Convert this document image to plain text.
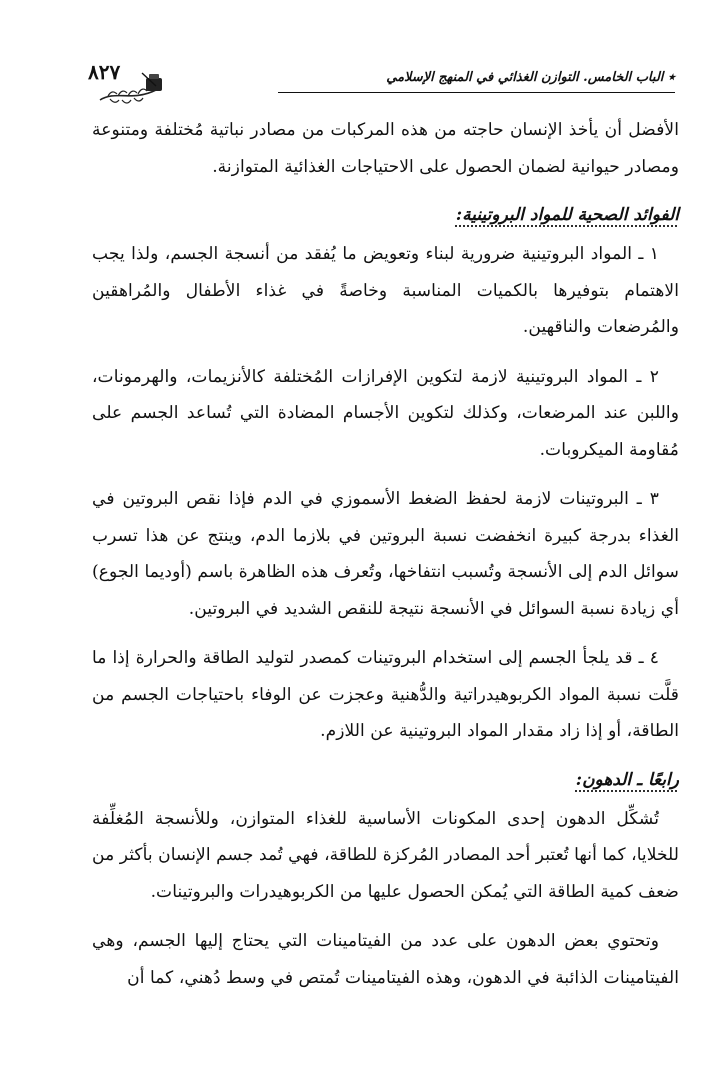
٭ الباب الخامس. التوازن الغذائي في المنهج الإسلامي
٨٢٧

الأفضل أن يأخذ الإنسان حاجته من هذه المركبات من مصادر نباتية مُختلفة ومتنوعة ومصادر حيوانية لضمان الحصول على الاحتياجات الغذائية المتوازنة.

الفوائد الصحية للمواد البروتينية:

١ ـ المواد البروتينية ضرورية لبناء وتعويض ما يُفقد من أنسجة الجسم، ولذا يجب الاهتمام بتوفيرها بالكميات المناسبة وخاصةً في غذاء الأطفال والمُراهقين والمُرضعات والناقهين.

٢ ـ المواد البروتينية لازمة لتكوين الإفرازات المُختلفة كالأنزيمات، والهرمونات، واللبن عند المرضعات، وكذلك لتكوين الأجسام المضادة التي تُساعد الجسم على مُقاومة الميكروبات.

٣ ـ البروتينات لازمة لحفظ الضغط الأسموزي في الدم فإذا نقص البروتين في الغذاء بدرجة كبيرة انخفضت نسبة البروتين في بلازما الدم، وينتج عن هذا تسرب سوائل الدم إلى الأنسجة وتُسبب انتفاخها، وتُعرف هذه الظاهرة باسم (أوديما الجوع) أي زيادة نسبة السوائل في الأنسجة نتيجة للنقص الشديد في البروتين.

٤ ـ قد يلجأ الجسم إلى استخدام البروتينات كمصدر لتوليد الطاقة والحرارة إذا ما قلَّت نسبة المواد الكربوهيدراتية والدُّهنية وعجزت عن الوفاء باحتياجات الجسم من الطاقة، أو إذا زاد مقدار المواد البروتينية عن اللازم.

رابعًا ـ الدهون:

تُشكِّل الدهون إحدى المكونات الأساسية للغذاء المتوازن، وللأنسجة المُغلِّفة للخلايا، كما أنها تُعتبر أحد المصادر المُركزة للطاقة، فهي تُمد جسم الإنسان بأكثر من ضعف كمية الطاقة التي يُمكن الحصول عليها من الكربوهيدرات والبروتينات.

وتحتوي بعض الدهون على عدد من الفيتامينات التي يحتاج إليها الجسم، وهي الفيتامينات الذائبة في الدهون، وهذه الفيتامينات تُمتص في وسط دُهني، كما أن
